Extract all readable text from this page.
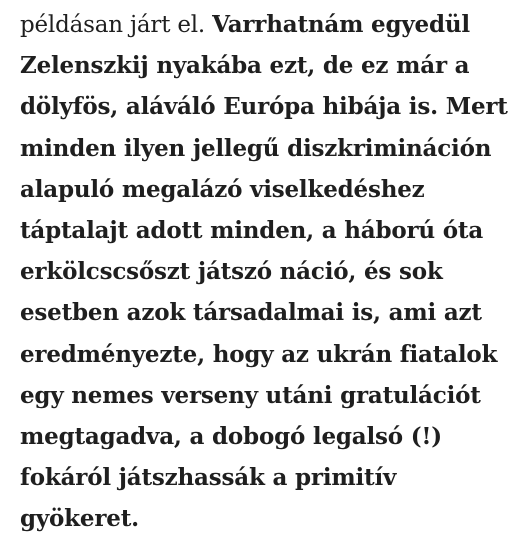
példásan járt el. Varrhatnám egyedül
Zelenszkij nyakába ezt, de ez már a
dölyfös, aláváló Európa hibája is. Mert
minden ilyen jellegű diszkrimináción
alapuló megalázó viselkedéshez
táptalajt adott minden, a háború óta
erkölcscsőszt játszó náció, és sok
esetben azok társadalmai is, ami azt
eredményezte, hogy az ukrán fiatalok
egy nemes verseny utáni gratulációt
megtagadva, a dobogó legalsó (!)
fokáról játszhassák a primitív
gyökeret.
